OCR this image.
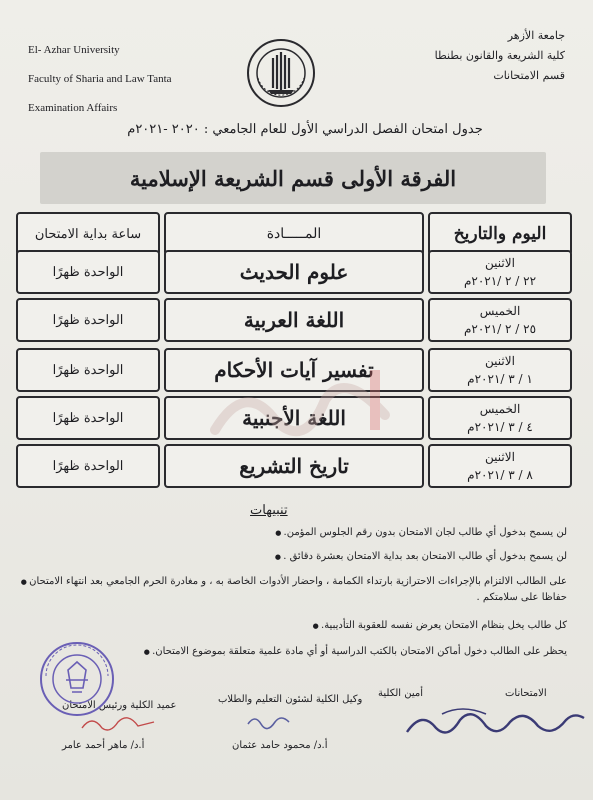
El- Azhar University
Faculty of Sharia and Law Tanta
Examination Affairs
جامعة الأزهر
كلية الشريعة والقانون بطنطا
قسم الامتحانات
جدول امتحان الفصل الدراسي الأول للعام الجامعي : ٢٠٢٠ -٢٠٢١م
الفرقة الأولى قسم الشريعة الإسلامية
اليوم والتاريخ
المـــــادة
ساعة بداية الامتحان
الاثنين
٢٢ / ٢ /٢٠٢١م
علوم الحديث
الواحدة ظهرًا
الخميس
٢٥ / ٢ /٢٠٢١م
اللغة العربية
الواحدة ظهرًا
الاثنين
١ / ٣ /٢٠٢١م
تفسير آيات الأحكام
الواحدة ظهرًا
الخميس
٤ / ٣ /٢٠٢١م
اللغة الأجنبية
الواحدة ظهرًا
الاثنين
٨ / ٣ /٢٠٢١م
تاريخ التشريع
الواحدة ظهرًا
تنبيهات
لن يسمح بدخول أي طالب لجان الامتحان بدون رقم الجلوس المؤمن. ●
لن يسمح بدخول أي طالب الامتحان بعد بداية الامتحان بعشرة دقائق . ●
على الطالب الالتزام بالإجراءات الاحترازية بارتداء الكمامة ، واحضار الأدوات الخاصة به ، و مغادرة الحرم الجامعي بعد انتهاء الامتحان ●
حفاظا على سلامتكم .
كل طالب يخل بنظام الامتحان يعرض نفسه للعقوبة التأديبية. ●
يحظر على الطالب دخول أماكن الامتحان بالكتب الدراسية أو أي مادة علمية متعلقة بموضوع الامتحان. ●
الامتحانات
أمين الكلية
وكيل الكلية لشئون التعليم والطلاب
أ.د/ محمود حامد عثمان
عميد الكلية ورئيس الامتحان
أ.د/ ماهر أحمد عامر
